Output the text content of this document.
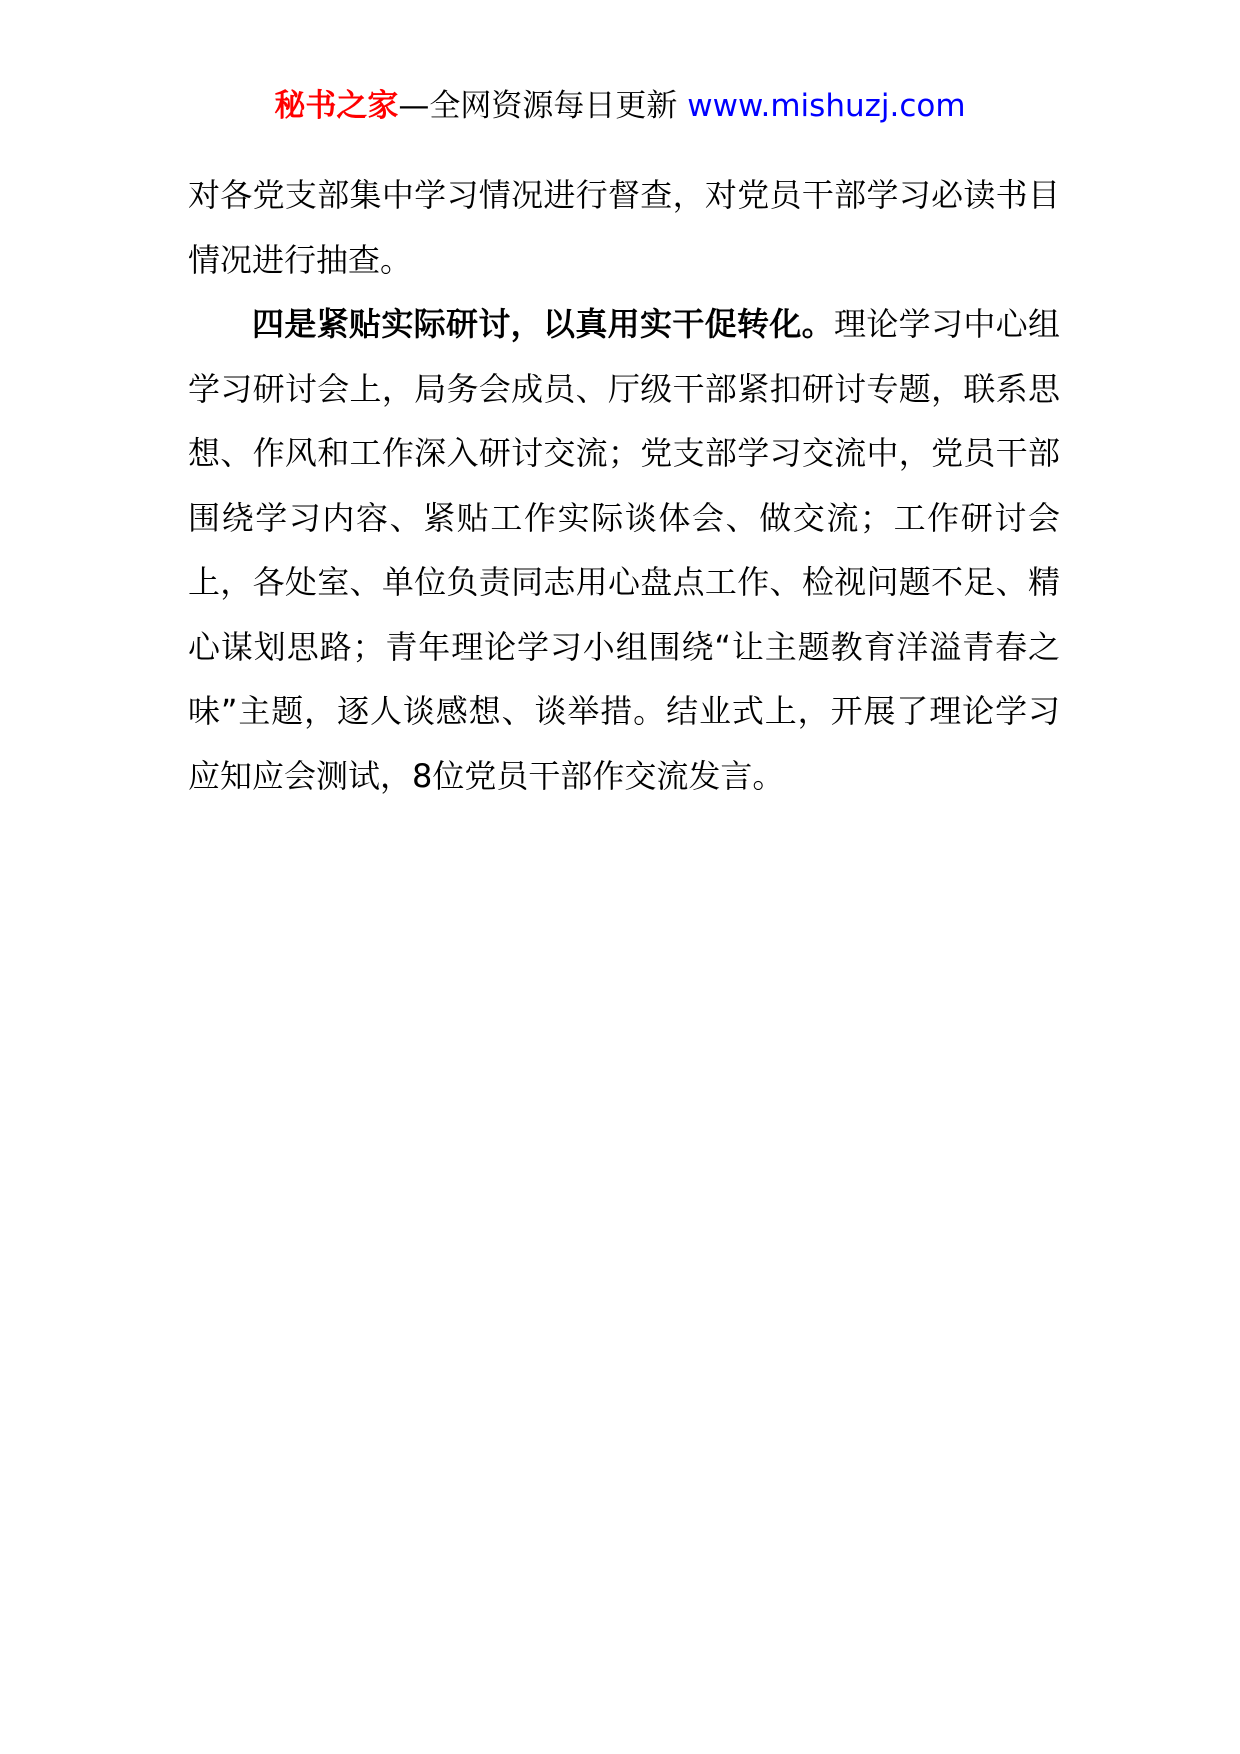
秘书之家—全网资源每日更新 www.mishuzj.com

对各党支部集中学习情况进行督查，对党员干部学习必读书目情况进行抽查。

四是紧贴实际研讨，以真用实干促转化。理论学习中心组学习研讨会上，局务会成员、厅级干部紧扣研讨专题，联系思想、作风和工作深入研讨交流；党支部学习交流中，党员干部围绕学习内容、紧贴工作实际谈体会、做交流；工作研讨会上，各处室、单位负责同志用心盘点工作、检视问题不足、精心谋划思路；青年理论学习小组围绕“让主题教育洋溢青春之味”主题，逐人谈感想、谈举措。结业式上，开展了理论学习应知应会测试，8位党员干部作交流发言。
